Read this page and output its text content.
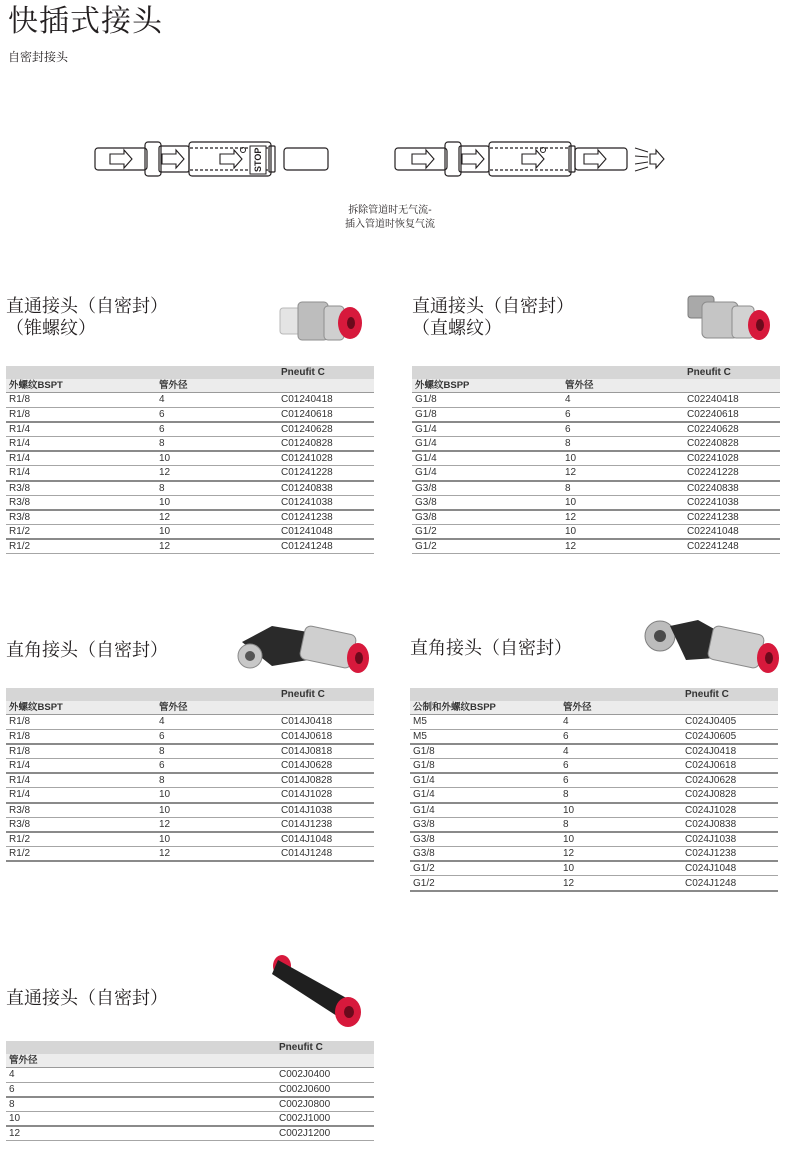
快插式接头

自密封接头

STOP
拆除管道时无气流-
插入管道时恢复气流
直通接头（自密封）
（锥螺纹）
		Pneufit C
外螺纹BSPT	管外径	
R1/8	4	C01240418
R1/8	6	C01240618
R1/4	6	C01240628
R1/4	8	C01240828
R1/4	10	C01241028
R1/4	12	C01241228
R3/8	8	C01240838
R3/8	10	C01241038
R3/8	12	C01241238
R1/2	10	C01241048
R1/2	12	C01241248
直通接头（自密封）
（直螺纹）
		Pneufit C
外螺纹BSPP	管外径	
G1/8	4	C02240418
G1/8	6	C02240618
G1/4	6	C02240628
G1/4	8	C02240828
G1/4	10	C02241028
G1/4	12	C02241228
G3/8	8	C02240838
G3/8	10	C02241038
G3/8	12	C02241238
G1/2	10	C02241048
G1/2	12	C02241248
直角接头（自密封）
		Pneufit C
外螺纹BSPT	管外径	
R1/8	4	C014J0418
R1/8	6	C014J0618
R1/8	8	C014J0818
R1/4	6	C014J0628
R1/4	8	C014J0828
R1/4	10	C014J1028
R3/8	10	C014J1038
R3/8	12	C014J1238
R1/2	10	C014J1048
R1/2	12	C014J1248
直角接头（自密封）
		Pneufit C
公制和外螺纹BSPP	管外径	
M5	4	C024J0405
M5	6	C024J0605
G1/8	4	C024J0418
G1/8	6	C024J0618
G1/4	6	C024J0628
G1/4	8	C024J0828
G1/4	10	C024J1028
G3/8	8	C024J0838
G3/8	10	C024J1038
G3/8	12	C024J1238
G1/2	10	C024J1048
G1/2	12	C024J1248
直通接头（自密封）
	Pneufit C
管外径	
4	C002J0400
6	C002J0600
8	C002J0800
10	C002J1000
12	C002J1200
